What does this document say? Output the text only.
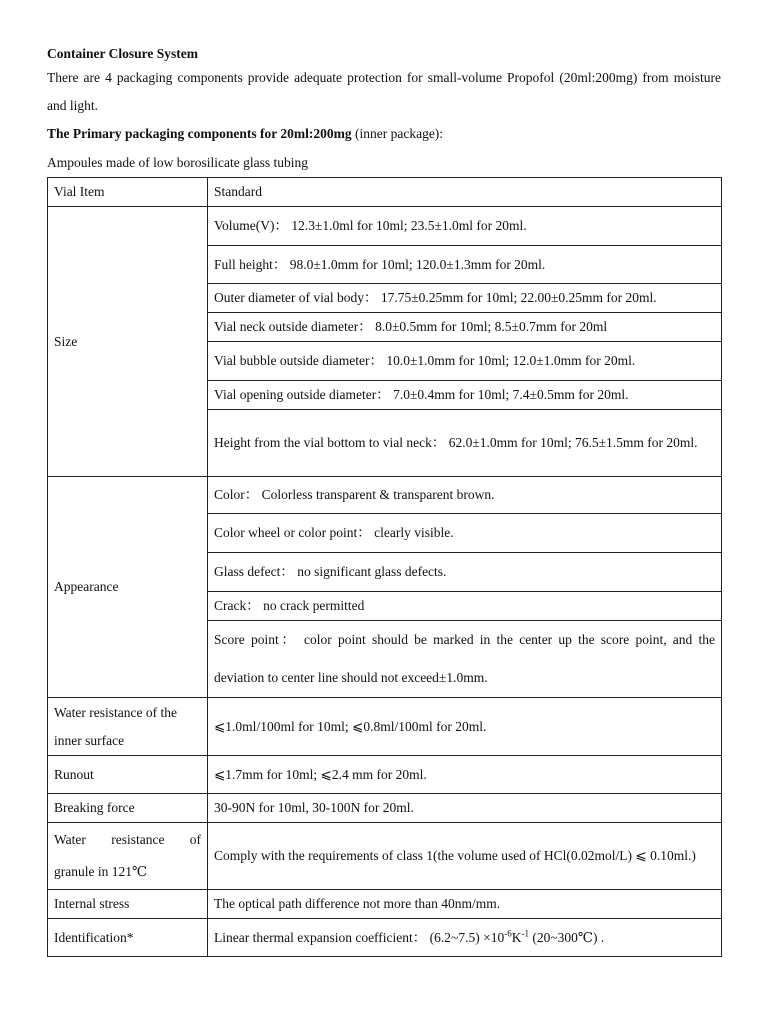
Container Closure System
There are 4 packaging components provide adequate protection for small-volume Propofol (20ml:200mg) from moisture and light.
The Primary packaging components for 20ml:200mg (inner package):
Ampoules made of low borosilicate glass tubing
Vial Item	Standard
Size	Volume(V)： 12.3±1.0ml for 10ml; 23.5±1.0ml for 20ml.
	Full height： 98.0±1.0mm for 10ml; 120.0±1.3mm for 20ml.
	Outer diameter of vial body： 17.75±0.25mm for 10ml; 22.00±0.25mm for 20ml.
	Vial neck outside diameter： 8.0±0.5mm for 10ml; 8.5±0.7mm for 20ml
	Vial bubble outside diameter： 10.0±1.0mm for 10ml; 12.0±1.0mm for 20ml.
	Vial opening outside diameter： 7.0±0.4mm for 10ml; 7.4±0.5mm for 20ml.
	Height from the vial bottom to vial neck： 62.0±1.0mm for 10ml; 76.5±1.5mm for 20ml.
Appearance	Color： Colorless transparent & transparent brown.
	Color wheel or color point： clearly visible.
	Glass defect： no significant glass defects.
	Crack： no crack permitted
	Score point： color point should be marked in the center up the score point, and the deviation to center line should not exceed±1.0mm.
Water resistance of the inner surface	⩽1.0ml/100ml for 10ml; ⩽0.8ml/100ml for 20ml.
Runout	⩽1.7mm for 10ml; ⩽2.4 mm for 20ml.
Breaking force	30-90N for 10ml, 30-100N for 20ml.

Water resistance of
granule in 121℃	Comply with the requirements of class 1(the volume used of HCl(0.02mol/L) ⩽ 0.10ml.)
Internal stress	The optical path difference not more than 40nm/mm.
Identification*	Linear thermal expansion coefficient： (6.2~7.5) $\times 10^{-6}K^{-1}$ (20~300℃) .
